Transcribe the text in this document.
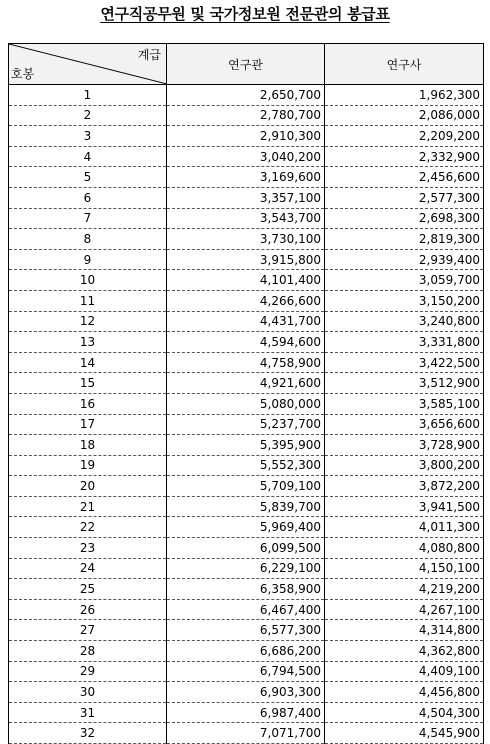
연구직공무원 및 국가정보원 전문관의 봉급표
계급
호봉	연구관	연구사
1	2,650,700	1,962,300
2	2,780,700	2,086,000
3	2,910,300	2,209,200
4	3,040,200	2,332,900
5	3,169,600	2,456,600
6	3,357,100	2,577,300
7	3,543,700	2,698,300
8	3,730,100	2,819,300
9	3,915,800	2,939,400
10	4,101,400	3,059,700
11	4,266,600	3,150,200
12	4,431,700	3,240,800
13	4,594,600	3,331,800
14	4,758,900	3,422,500
15	4,921,600	3,512,900
16	5,080,000	3,585,100
17	5,237,700	3,656,600
18	5,395,900	3,728,900
19	5,552,300	3,800,200
20	5,709,100	3,872,200
21	5,839,700	3,941,500
22	5,969,400	4,011,300
23	6,099,500	4,080,800
24	6,229,100	4,150,100
25	6,358,900	4,219,200
26	6,467,400	4,267,100
27	6,577,300	4,314,800
28	6,686,200	4,362,800
29	6,794,500	4,409,100
30	6,903,300	4,456,800
31	6,987,400	4,504,300
32	7,071,700	4,545,900
